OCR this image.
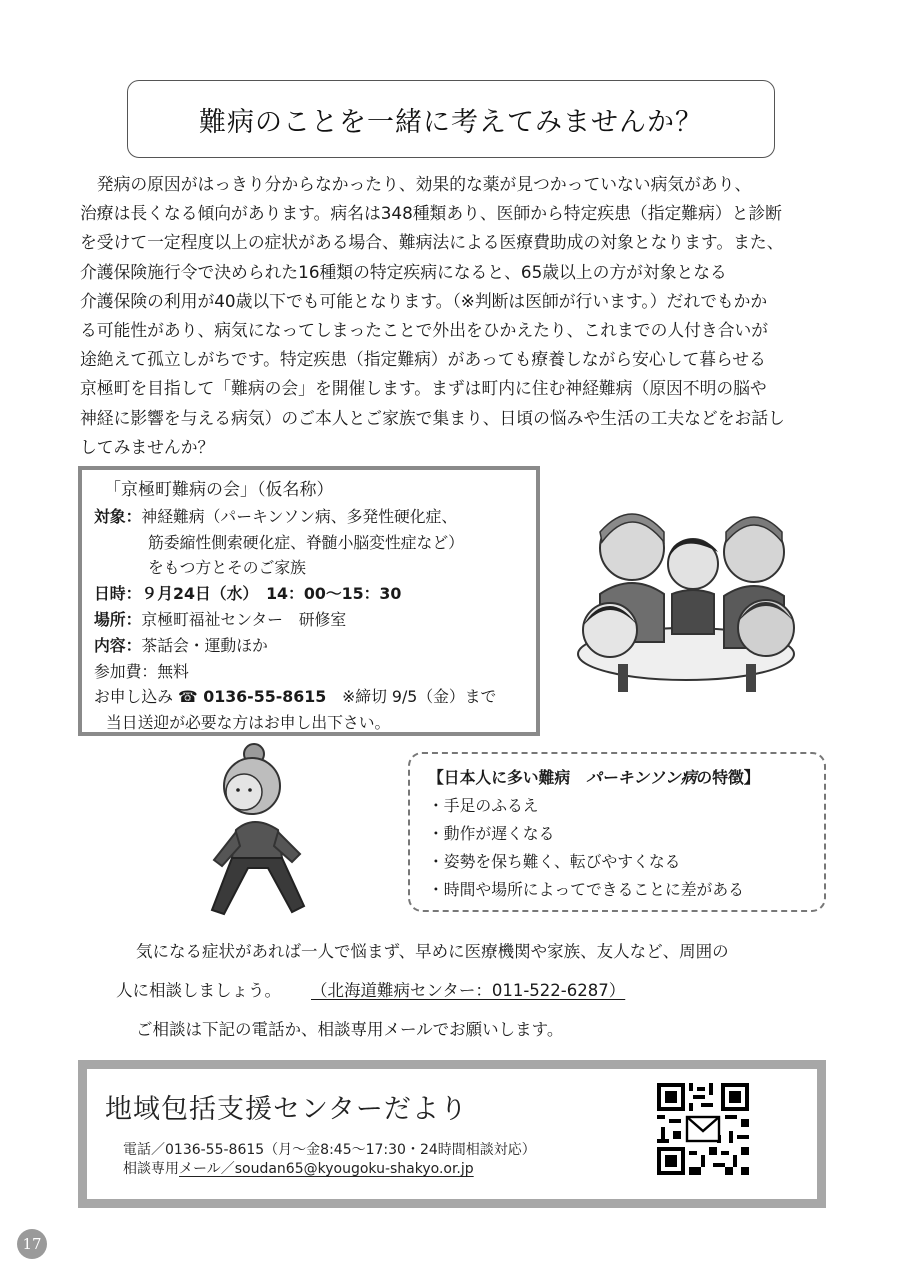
難病のことを一緒に考えてみませんか？

　発病の原因がはっきり分からなかったり、効果的な薬が見つかっていない病気があり、

治療は長くなる傾向があります。病名は348種類あり、医師から特定疾患（指定難病）と診断

を受けて一定程度以上の症状がある場合、難病法による医療費助成の対象となります。また、

介護保険施行令で決められた16種類の特定疾病になると、65歳以上の方が対象となる

介護保険の利用が40歳以下でも可能となります。（※判断は医師が行います。）だれでもかか

る可能性があり、病気になってしまったことで外出をひかえたり、これまでの人付き合いが

途絶えて孤立しがちです。特定疾患（指定難病）があっても療養しながら安心して暮らせる

京極町を目指して「難病の会」を開催します。まずは町内に住む神経難病（原因不明の脳や

神経に影響を与える病気）のご本人とご家族で集まり、日頃の悩みや生活の工夫などをお話し

してみませんか？

「京極町難病の会」（仮名称）
対象：神経難病（パーキンソン病、多発性硬化症、
筋委縮性側索硬化症、脊髄小脳変性症など）
をもつ方とそのご家族
日時：９月24日（水）　14：00～15：30
場所：京極町福祉センター　研修室
内容：茶話会・運動ほか
参加費：無料
お申し込み ☎ 0136-55-8615　 ※締切 9/5（金）まで
当日送迎が必要な方はお申し出下さい。
【日本人に多い難病　パーキンソン病の特徴】
・手足のふるえ
・動作が遅くなる
・姿勢を保ち難く、転びやすくなる
・時間や場所によってできることに差がある
気になる症状があれば一人で悩まず、早めに医療機関や家族、友人など、周囲の
人に相談しましょう。 （北海道難病センター：011-522-6287）
ご相談は下記の電話か、相談専用メールでお願いします。
地域包括支援センターだより
電話／0136-55-8615（月～金8:45～17:30・24時間相談対応）
相談専用メール／soudan65@kyougoku-shakyo.or.jp
17
